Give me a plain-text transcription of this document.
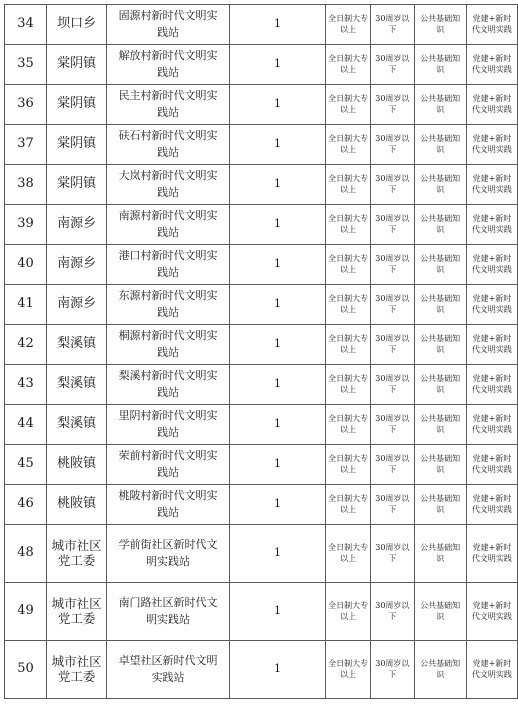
34	坝口乡	固源村新时代文明实践站	1	全日制大专以上	30周岁以下	公共基础知识	党建+新时代文明实践
35	棠阴镇	解放村新时代文明实践站	1	全日制大专以上	30周岁以下	公共基础知识	党建+新时代文明实践
36	棠阴镇	民主村新时代文明实践站	1	全日制大专以上	30周岁以下	公共基础知识	党建+新时代文明实践
37	棠阴镇	砆石村新时代文明实践站	1	全日制大专以上	30周岁以下	公共基础知识	党建+新时代文明实践
38	棠阴镇	大岚村新时代文明实践站	1	全日制大专以上	30周岁以下	公共基础知识	党建+新时代文明实践
39	南源乡	南源村新时代文明实践站	1	全日制大专以上	30周岁以下	公共基础知识	党建+新时代文明实践
40	南源乡	港口村新时代文明实践站	1	全日制大专以上	30周岁以下	公共基础知识	党建+新时代文明实践
41	南源乡	东源村新时代文明实践站	1	全日制大专以上	30周岁以下	公共基础知识	党建+新时代文明实践
42	梨溪镇	桐源村新时代文明实践站	1	全日制大专以上	30周岁以下	公共基础知识	党建+新时代文明实践
43	梨溪镇	梨溪村新时代文明实践站	1	全日制大专以上	30周岁以下	公共基础知识	党建+新时代文明实践
44	梨溪镇	里阴村新时代文明实践站	1	全日制大专以上	30周岁以下	公共基础知识	党建+新时代文明实践
45	桃陂镇	荣前村新时代文明实践站	1	全日制大专以上	30周岁以下	公共基础知识	党建+新时代文明实践
46	桃陂镇	桃陂村新时代文明实践站	1	全日制大专以上	30周岁以下	公共基础知识	党建+新时代文明实践
48	城市社区党工委	学前街社区新时代文明实践站	1	全日制大专以上	30周岁以下	公共基础知识	党建+新时代文明实践
49	城市社区党工委	南门路社区新时代文明实践站	1	全日制大专以上	30周岁以下	公共基础知识	党建+新时代文明实践
50	城市社区党工委	卓望社区新时代文明实践站	1	全日制大专以上	30周岁以下	公共基础知识	党建+新时代文明实践
